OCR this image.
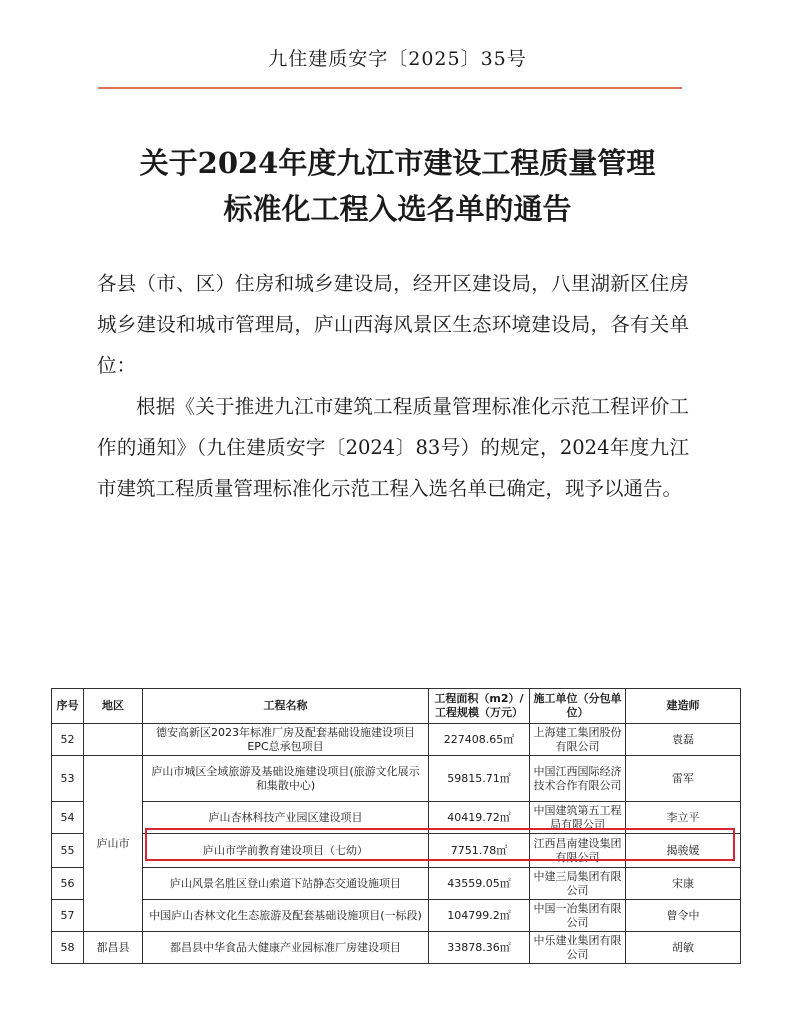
九住建质安字〔2025〕35号
关于2024年度九江市建设工程质量管理
标准化工程入选名单的通告

各县（市、区）住房和城乡建设局，经开区建设局，八里湖新区住房城乡建设和城市管理局，庐山西海风景区生态环境建设局，各有关单位：

根据《关于推进九江市建筑工程质量管理标准化示范工程评价工作的通知》（九住建质安字〔2024〕83号）的规定，2024年度九江市建筑工程质量管理标准化示范工程入选名单已确定，现予以通告。

序号	地区	工程名称	工程面积（m2）/工程规模（万元）	施工单位（分包单位）	建造师
52		德安高新区2023年标准厂房及配套基础设施建设项目EPC总承包项目	227408.65㎡	上海建工集团股份有限公司	袁磊
53	庐山市	庐山市城区全域旅游及基础设施建设项目(旅游文化展示和集散中心)	59815.71㎡	中国江西国际经济技术合作有限公司	雷军
54		庐山杏林科技产业园区建设项目	40419.72㎡	中国建筑第五工程局有限公司	李立平
55		庐山市学前教育建设项目（七幼）	7751.78㎡	江西昌南建设集团有限公司	揭骏媛
56		庐山风景名胜区登山索道下站静态交通设施项目	43559.05㎡	中建三局集团有限公司	宋康
57		中国庐山杏林文化生态旅游及配套基础设施项目(一标段)	104799.2㎡	中国一冶集团有限公司	曾令中
58	都昌县	都昌县中华食品大健康产业园标准厂房建设项目	33878.36㎡	中乐建业集团有限公司	胡敏
